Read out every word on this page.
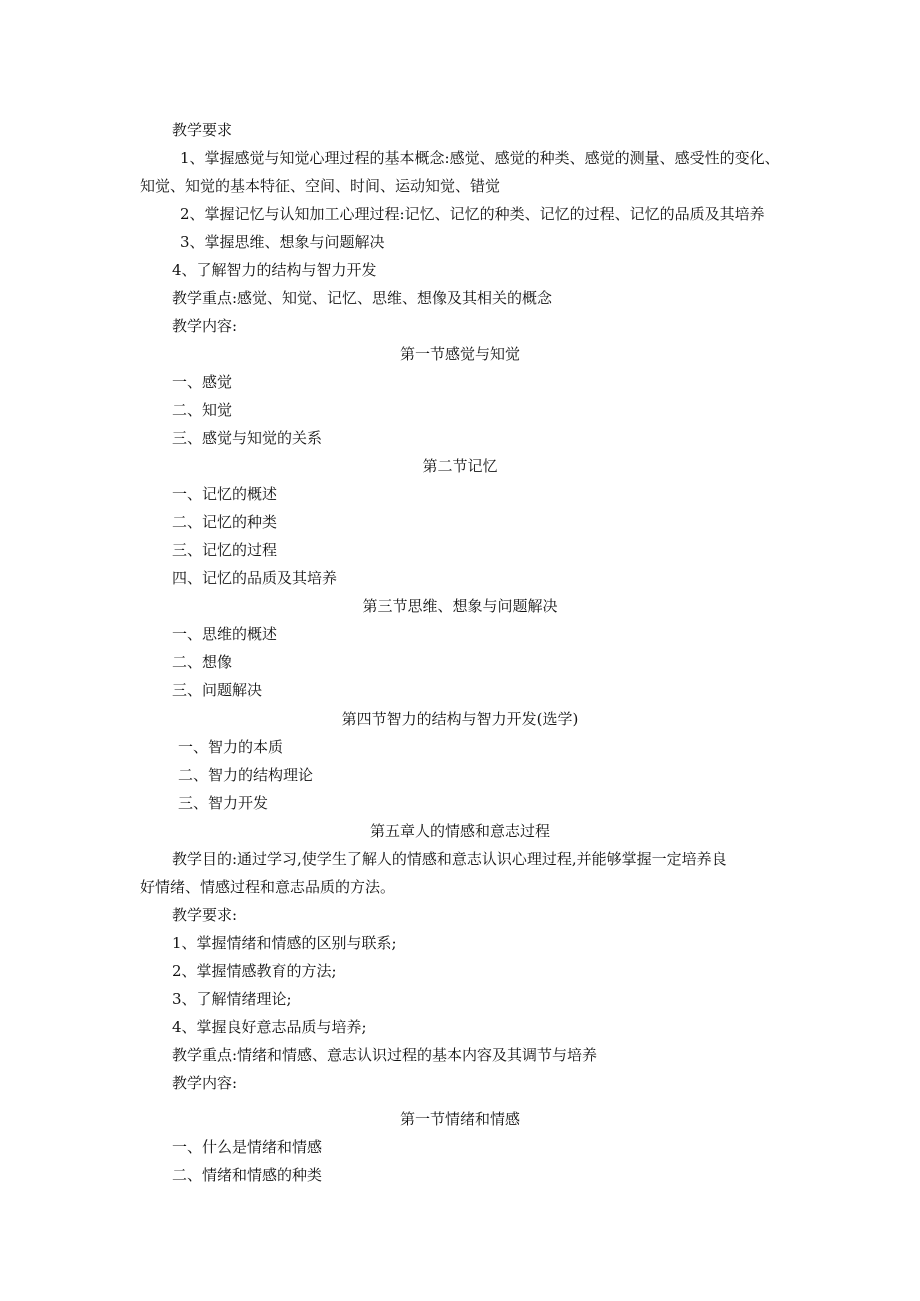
教学要求
1、掌握感觉与知觉心理过程的基本概念:感觉、感觉的种类、感觉的测量、感受性的变化、
知觉、知觉的基本特征、空间、时间、运动知觉、错觉
2、掌握记忆与认知加工心理过程:记忆、记忆的种类、记忆的过程、记忆的品质及其培养
3、掌握思维、想象与问题解决
4、了解智力的结构与智力开发
教学重点:感觉、知觉、记忆、思维、想像及其相关的概念
教学内容:
第一节感觉与知觉
一、感觉
二、知觉
三、感觉与知觉的关系
第二节记忆
一、记忆的概述
二、记忆的种类
三、记忆的过程
四、记忆的品质及其培养
第三节思维、想象与问题解决
一、思维的概述
二、想像
三、问题解决
第四节智力的结构与智力开发(选学)
一、智力的本质
二、智力的结构理论
三、智力开发
第五章人的情感和意志过程
教学目的:通过学习,使学生了解人的情感和意志认识心理过程,并能够掌握一定培养良
好情绪、情感过程和意志品质的方法。
教学要求:
1、掌握情绪和情感的区别与联系;
2、掌握情感教育的方法;
3、了解情绪理论;
4、掌握良好意志品质与培养;
教学重点:情绪和情感、意志认识过程的基本内容及其调节与培养
教学内容:
第一节情绪和情感
一、什么是情绪和情感
二、情绪和情感的种类
